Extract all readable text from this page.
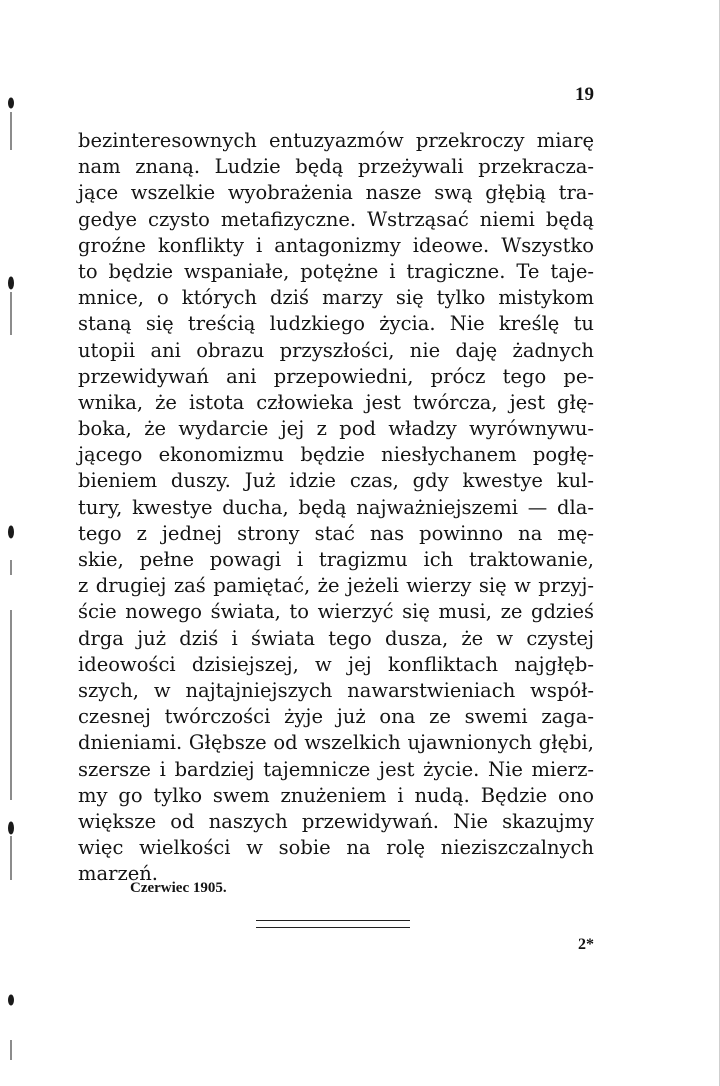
19

bezinteresownych entuzyazmów przekroczy miarę
nam znaną. Ludzie będą przeżywali przekracza-
jące wszelkie wyobrażenia nasze swą głębią tra-
gedye czysto metafizyczne. Wstrząsać niemi będą
groźne konflikty i antagonizmy ideowe. Wszystko
to będzie wspaniałe, potężne i tragiczne. Te taje-
mnice, o których dziś marzy się tylko mistykom
staną się treścią ludzkiego życia. Nie kreślę tu
utopii ani obrazu przyszłości, nie daję żadnych
przewidywań ani przepowiedni, prócz tego pe-
wnika, że istota człowieka jest twórcza, jest głę-
boka, że wydarcie jej z pod władzy wyrównywu-
jącego ekonomizmu będzie niesłychanem pogłę-
bieniem duszy. Już idzie czas, gdy kwestye kul-
tury, kwestye ducha, będą najważniejszemi — dla-
tego z jednej strony stać nas powinno na mę-
skie, pełne powagi i tragizmu ich traktowanie,
z drugiej zaś pamiętać, że jeżeli wierzy się w przyj-
ście nowego świata, to wierzyć się musi, ze gdzieś
drga już dziś i świata tego dusza, że w czystej
ideowości dzisiejszej, w jej konfliktach najgłęb-
szych, w najtajniejszych nawarstwieniach współ-
czesnej twórczości żyje już ona ze swemi zaga-
dnieniami. Głębsze od wszelkich ujawnionych głębi,
szersze i bardziej tajemnicze jest życie. Nie mierz-
my go tylko swem znużeniem i nudą. Będzie ono
większe od naszych przewidywań. Nie skazujmy
więc wielkości w sobie na rolę nieziszczalnych
marzeń.

Czerwiec 1905.

2*
